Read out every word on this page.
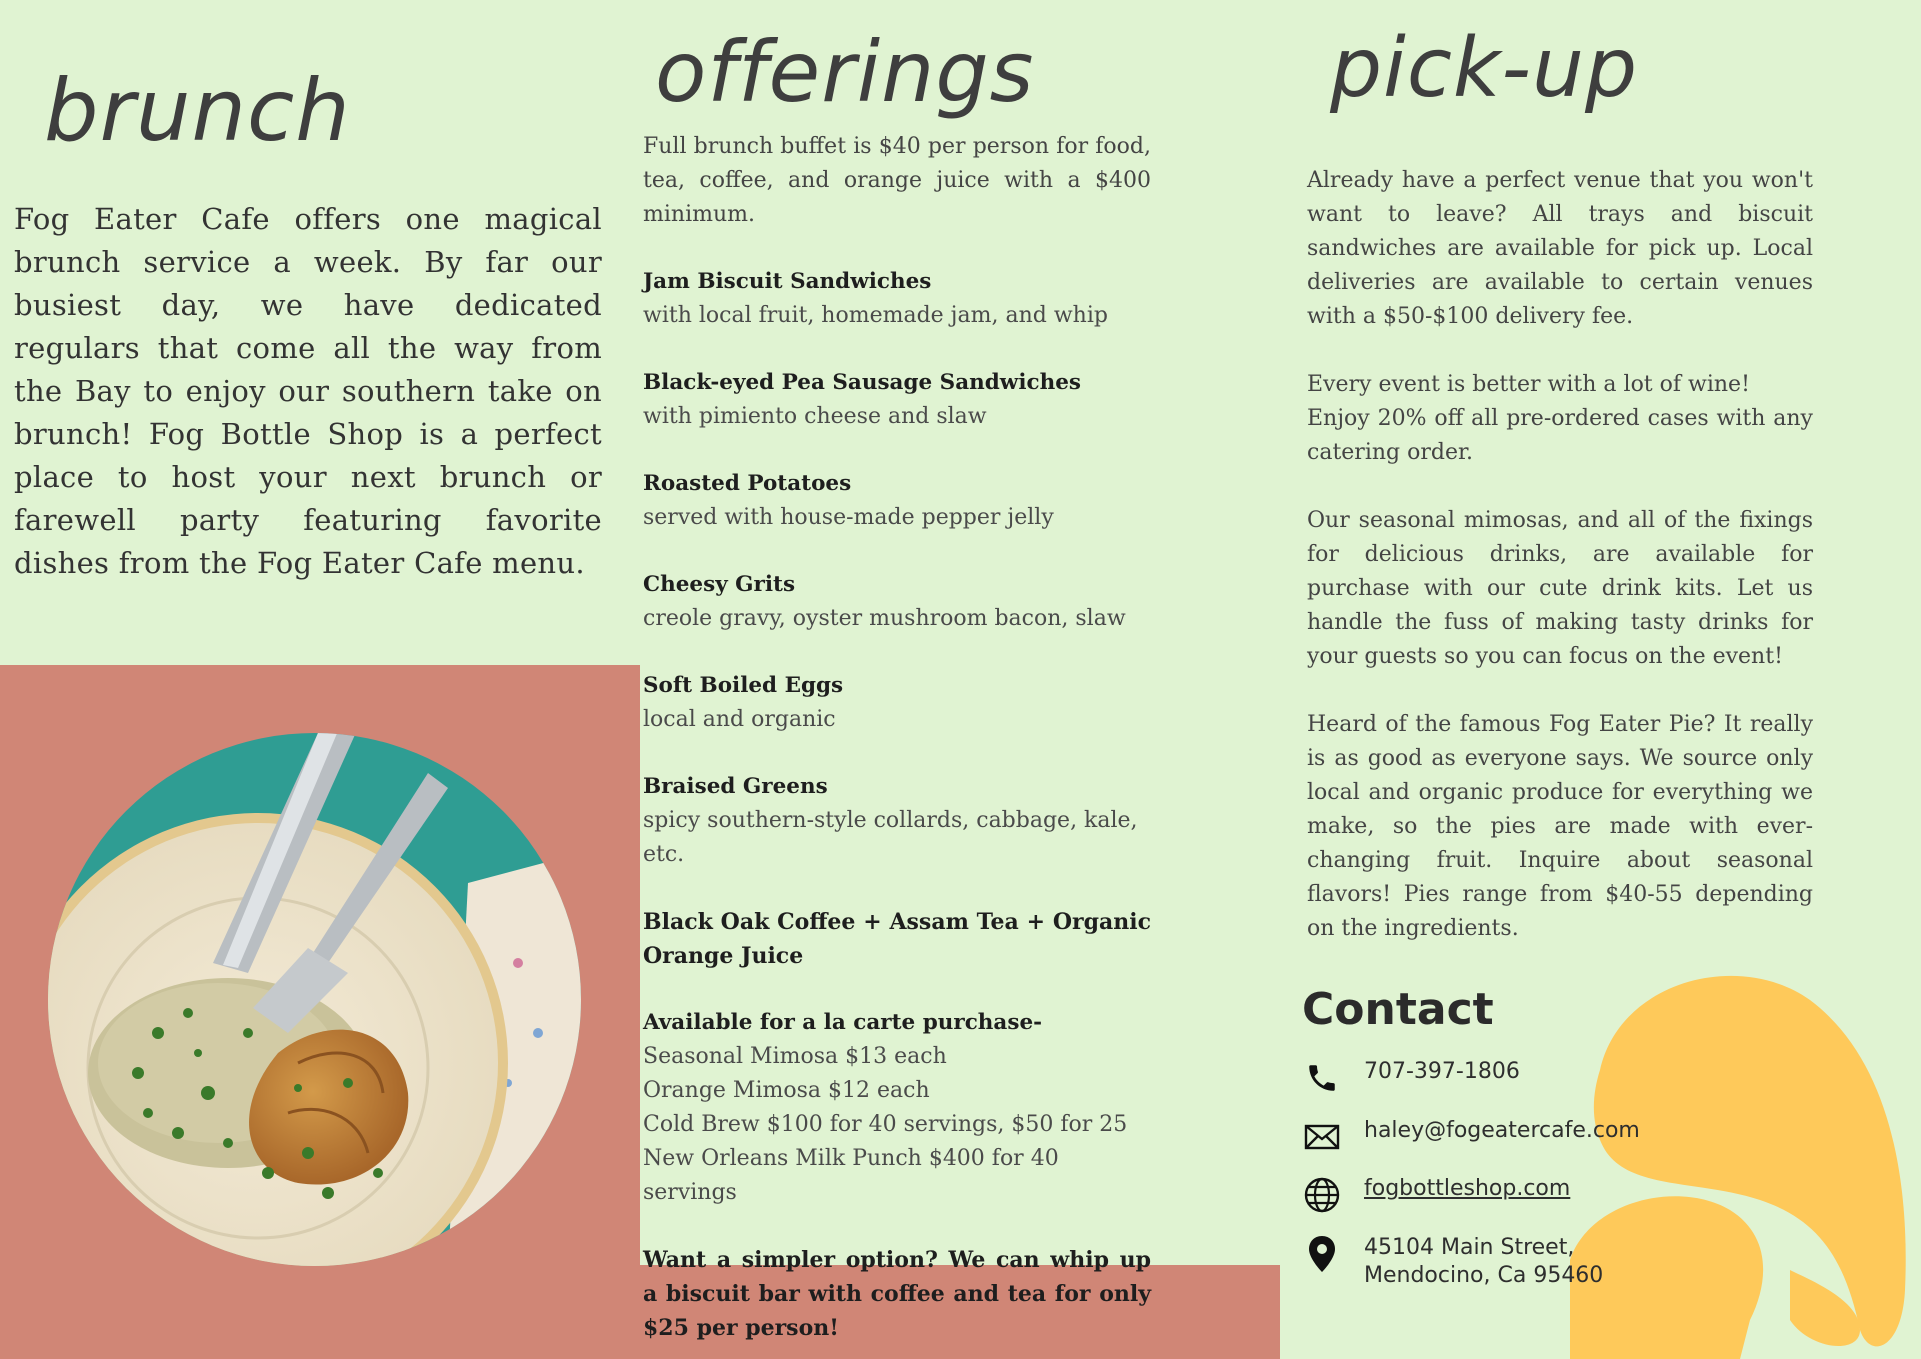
brunch	offerings	pick-up
Fog Eater Cafe offers one magical brunch service a week. By far our busiest day, we have dedicated regulars that come all the way from the Bay to enjoy our southern take on brunch! Fog Bottle Shop is a perfect place to host your next brunch or farewell party featuring favorite dishes from the Fog Eater Cafe menu.
Full brunch buffet is $40 per person for food, tea, coffee, and orange juice with a $400 minimum.
Jam Biscuit Sandwiches
with local fruit, homemade jam, and whip
Black-eyed Pea Sausage Sandwiches
with pimiento cheese and slaw
Roasted Potatoes
served with house-made pepper jelly
Cheesy Grits
creole gravy, oyster mushroom bacon, slaw
Soft Boiled Eggs
local and organic
Braised Greens
spicy southern-style collards, cabbage, kale, etc.
Black Oak Coffee + Assam Tea + Organic Orange Juice
Available for a la carte purchase-
Seasonal Mimosa $13 each
Orange Mimosa $12 each
Cold Brew $100 for 40 servings, $50 for 25
New Orleans Milk Punch $400 for 40 servings
Want a simpler option? We can whip up a biscuit bar with coffee and tea for only $25 per person!
Already have a perfect venue that you won't want to leave? All trays and biscuit sandwiches are available for pick up. Local deliveries are available to certain venues with a $50-$100 delivery fee.
Every event is better with a lot of wine!
Enjoy 20% off all pre-ordered cases with any catering order.
Our seasonal mimosas, and all of the fixings for delicious drinks, are available for purchase with our cute drink kits. Let us handle the fuss of making tasty drinks for your guests so you can focus on the event!
Heard of the famous Fog Eater Pie? It really is as good as everyone says. We source only local and organic produce for everything we make, so the pies are made with ever-changing fruit. Inquire about seasonal flavors! Pies range from $40-55 depending on the ingredients.
Contact
707-397-1806
haley@fogeatercafe.com
fogbottleshop.com
45104 Main Street,
Mendocino, Ca 95460
